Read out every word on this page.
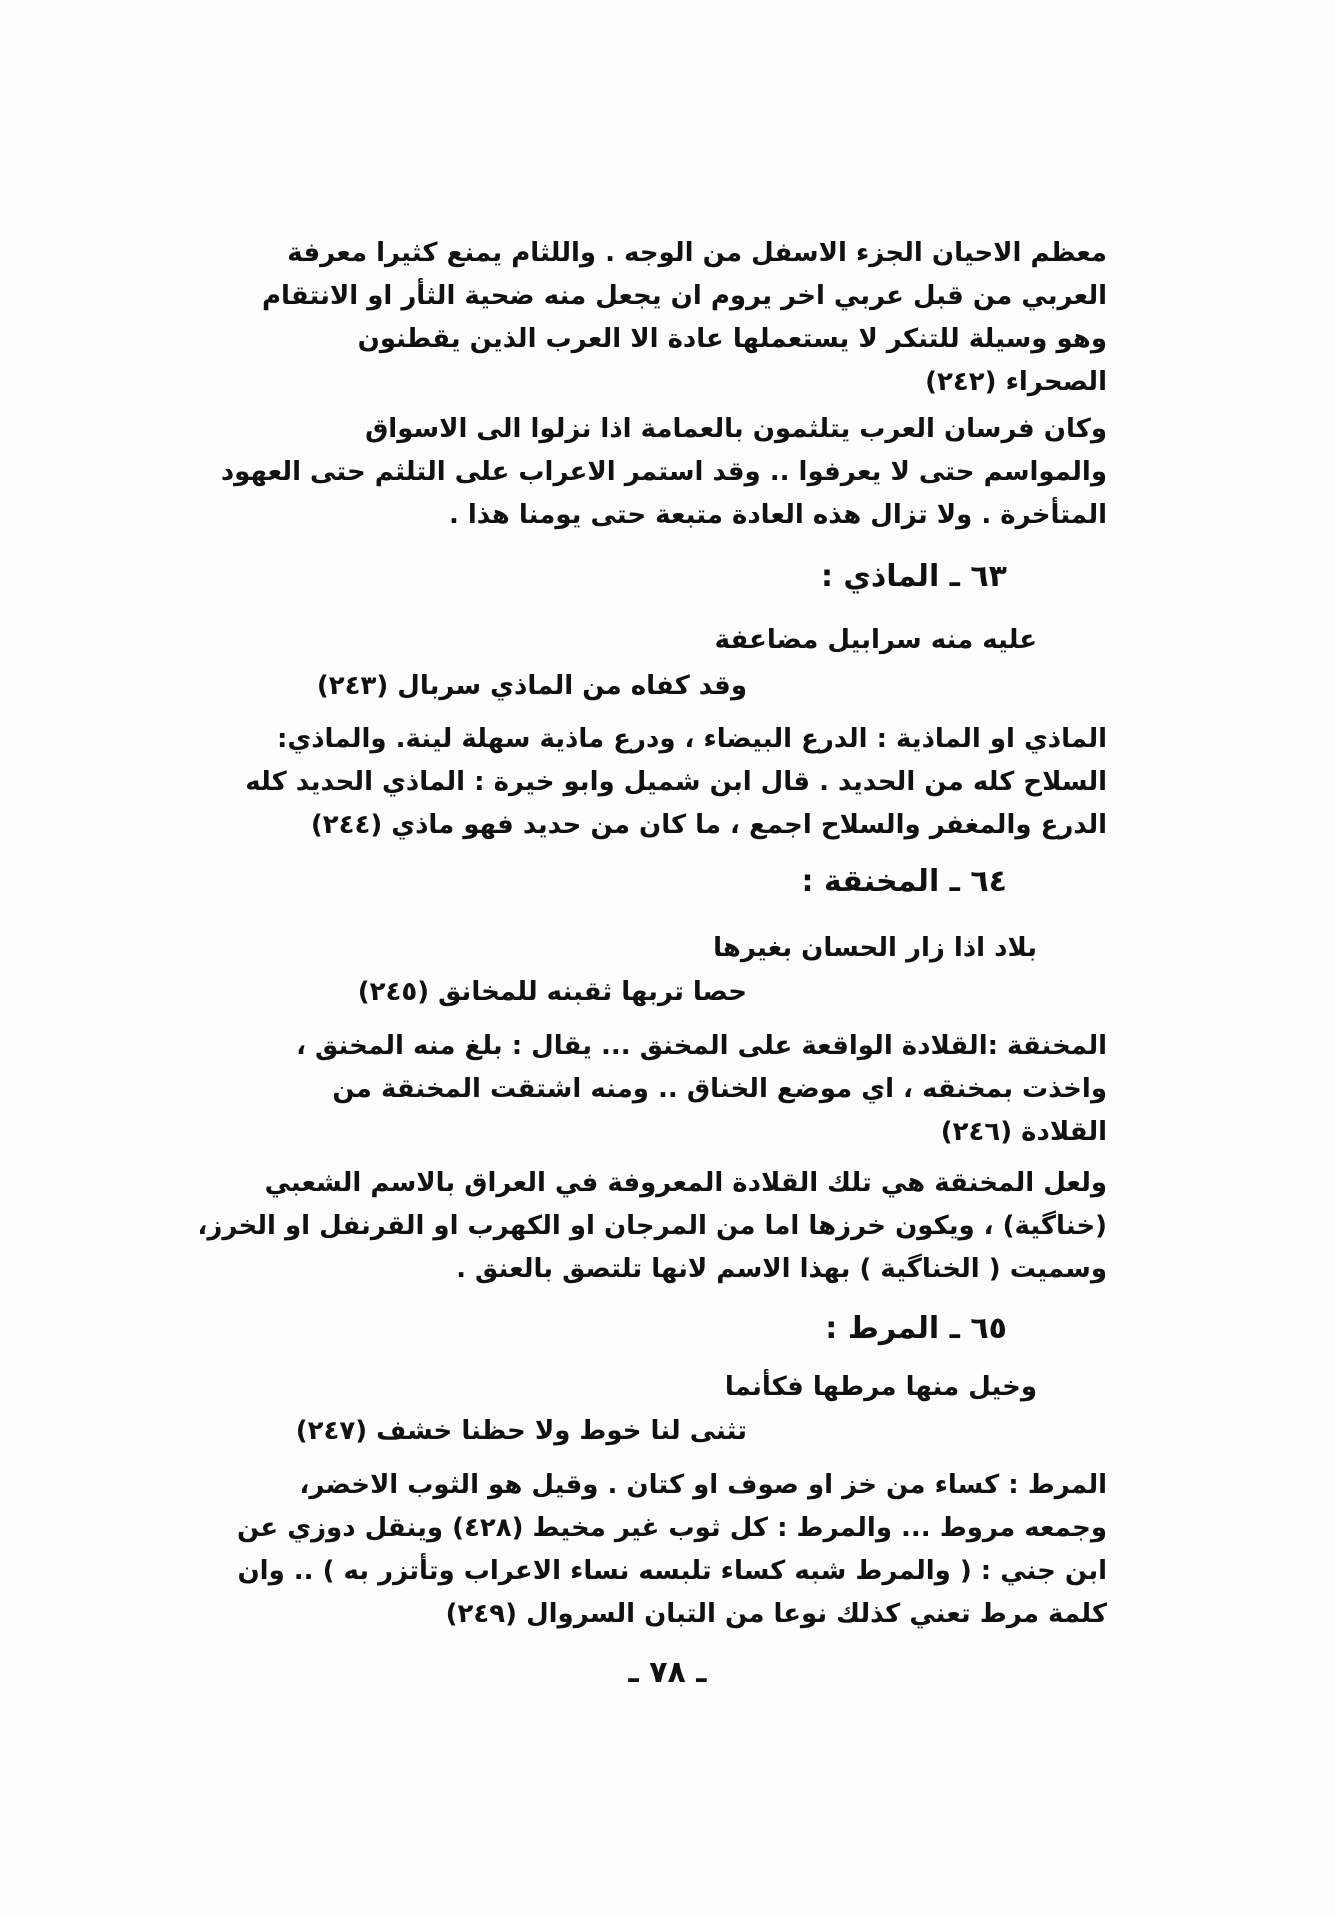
معظم الاحيان الجزء الاسفل من الوجه . واللثام يمنع كثيرا معرفة

العربي من قبل عربي اخر يروم ان يجعل منه ضحية الثأر او الانتقام

وهو وسيلة للتنكر لا يستعملها عادة الا العرب الذين يقطنون

الصحراء (٢٤٢)

وكان فرسان العرب يتلثمون بالعمامة اذا نزلوا الى الاسواق

والمواسم حتى لا يعرفوا .. وقد استمر الاعراب على التلثم حتى العهود

المتأخرة . ولا تزال هذه العادة متبعة حتى يومنا هذا .

٦٣ ـ الماذي :
عليه منه سرابيل مضاعفة
وقد كفاه من الماذي سربال (٢٤٣)

الماذي او الماذية : الدرع البيضاء ، ودرع ماذية سهلة لينة. والماذي:

السلاح كله من الحديد . قال ابن شميل وابو خيرة : الماذي الحديد كله

الدرع والمغفر والسلاح اجمع ، ما كان من حديد فهو ماذي (٢٤٤)

٦٤ ـ المخنقة :
بلاد اذا زار الحسان بغيرها
حصا تربها ثقبنه للمخانق (٢٤٥)

المخنقة :القلادة الواقعة على المخنق ... يقال : بلغ منه المخنق ،

واخذت بمخنقه ، اي موضع الخناق .. ومنه اشتقت المخنقة من

القلادة (٢٤٦)

ولعل المخنقة هي تلك القلادة المعروفة في العراق بالاسم الشعبي

(خناگية) ، ويكون خرزها اما من المرجان او الكهرب او القرنفل او الخرز،

وسميت ( الخناگية ) بهذا الاسم لانها تلتصق بالعنق .

٦٥ ـ المرط :
وخيل منها مرطها فكأنما
تثنى لنا خوط ولا حظنا خشف (٢٤٧)

المرط : كساء من خز او صوف او كتان . وقيل هو الثوب الاخضر،

وجمعه مروط ... والمرط : كل ثوب غير مخيط (٤٢٨) وينقل دوزي عن

ابن جني : ( والمرط شبه كساء تلبسه نساء الاعراب وتأتزر به ) .. وان

كلمة مرط تعني كذلك نوعا من التبان السروال (٢٤٩)

ـ ٧٨ ـ
